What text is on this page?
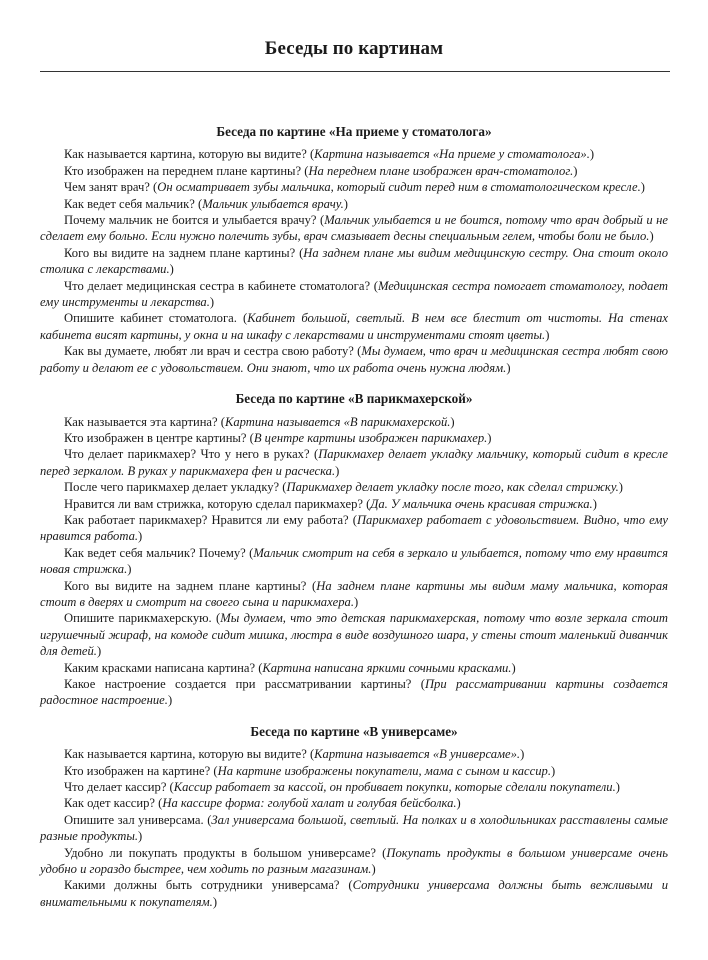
Беседы по картинам
Беседа по картине «На приеме у стоматолога»

Как называется картина, которую вы видите? (Картина называется «На приеме у стоматолога».)

Кто изображен на переднем плане картины? (На переднем плане изображен врач-стоматолог.)

Чем занят врач? (Он осматривает зубы мальчика, который сидит перед ним в стоматологическом кресле.)

Как ведет себя мальчик? (Мальчик улыбается врачу.)

Почему мальчик не боится и улыбается врачу? (Мальчик улыбается и не боится, потому что врач добрый и не сделает ему больно. Если нужно полечить зубы, врач смазывает десны специальным гелем, чтобы боли не было.)

Кого вы видите на заднем плане картины? (На заднем плане мы видим медицинскую сестру. Она стоит около столика с лекарствами.)

Что делает медицинская сестра в кабинете стоматолога? (Медицинская сестра помогает стоматологу, подает ему инструменты и лекарства.)

Опишите кабинет стоматолога. (Кабинет большой, светлый. В нем все блестит от чистоты. На стенах кабинета висят картины, у окна и на шкафу с лекарствами и инструментами стоят цветы.)

Как вы думаете, любят ли врач и сестра свою работу? (Мы думаем, что врач и медицинская сестра любят свою работу и делают ее с удовольствием. Они знают, что их работа очень нужна людям.)

Беседа по картине «В парикмахерской»

Как называется эта картина? (Картина называется «В парикмахерской.)

Кто изображен в центре картины? (В центре картины изображен парикмахер.)

Что делает парикмахер? Что у него в руках? (Парикмахер делает укладку мальчику, который сидит в кресле перед зеркалом. В руках у парикмахера фен и расческа.)

После чего парикмахер делает укладку? (Парикмахер делает укладку после того, как сделал стрижку.)

Нравится ли вам стрижка, которую сделал парикмахер? (Да. У мальчика очень красивая стрижка.)

Как работает парикмахер? Нравится ли ему работа? (Парикмахер работает с удовольствием. Видно, что ему нравится работа.)

Как ведет себя мальчик? Почему? (Мальчик смотрит на себя в зеркало и улыбается, потому что ему нравится новая стрижка.)

Кого вы видите на заднем плане картины? (На заднем плане картины мы видим маму мальчика, которая стоит в дверях и смотрит на своего сына и парикмахера.)

Опишите парикмахерскую. (Мы думаем, что это детская парикмахерская, потому что возле зеркала стоит игрушечный жираф, на комоде сидит мишка, люстра в виде воздушного шара, у стены стоит маленький диванчик для детей.)

Каким красками написана картина? (Картина написана яркими сочными красками.)

Какое настроение создается при рассматривании картины? (При рассматривании картины создается радостное настроение.)

Беседа по картине «В универсаме»

Как называется картина, которую вы видите? (Картина называется «В универсаме».)

Кто изображен на картине? (На картине изображены покупатели, мама с сыном и кассир.)

Что делает кассир? (Кассир работает за кассой, он пробивает покупки, которые сделали покупатели.)

Как одет кассир? (На кассире форма: голубой халат и голубая бейсболка.)

Опишите зал универсама. (Зал универсама большой, светлый. На полках и в холодильниках расставлены самые разные продукты.)

Удобно ли покупать продукты в большом универсаме? (Покупать продукты в большом универсаме очень удобно и гораздо быстрее, чем ходить по разным магазинам.)

Какими должны быть сотрудники универсама? (Сотрудники универсама должны быть вежливыми и внимательными к покупателям.)
